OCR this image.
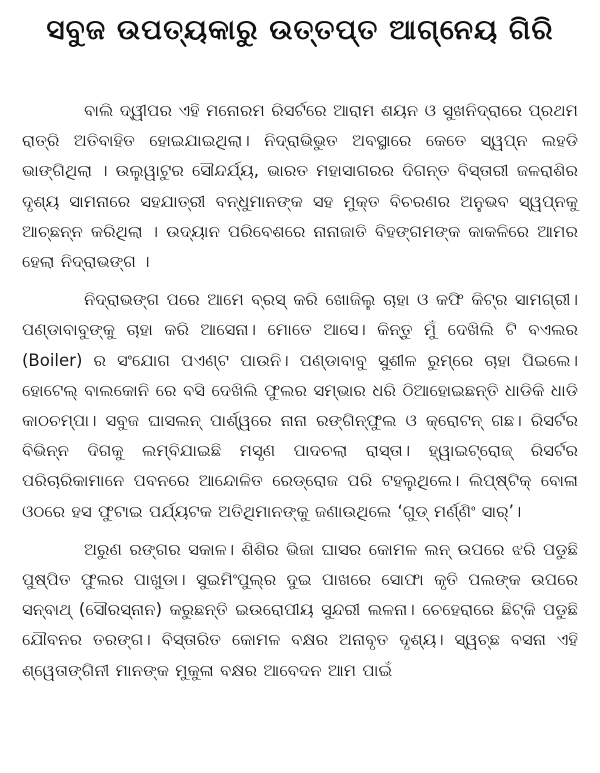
ସବୁଜ ଉପତ୍ୟକାରୁ ଉତ୍ତପ୍ତ ଆଗ୍ନେୟ ଗିରି

ବାଲି ଦ୍ୱୀପର ଏହି ମନୋରମ ରିସର୍ଟରେ ଆରାମ ଶୟନ ଓ ସୁଖନିଦ୍ରାରେ ପ୍ରଥମ ରାତ୍ରି ଅତିବାହିତ ହୋଇଯାଇଥିଲା। ନିଦ୍ରାଭିଭୁତ ଅବସ୍ଥାରେ କେତେ ସ୍ୱପ୍ନ ଲହଡି ଭାଙ୍ଗିଥିଲା । ଉଲୁୱାଟୁର ସୌନ୍ଦର୍ଯ୍ୟ, ଭାରତ ମହାସାଗରର ଦିଗନ୍ତ ବିସ୍ତାରୀ ଜଳରାଶିର ଦୃଶ୍ୟ ସାମନାରେ ସହଯାତ୍ରୀ ବନ୍ଧୁମାନଙ୍କ ସହ ମୁକ୍ତ ବିଚରଣର ଅନୁଭବ ସ୍ୱପ୍ନକୁ ଆଚ୍ଛନ୍ନ କରିଥିଲା । ଉଦ୍ୟାନ ପରିବେଶରେ ନାନାଜାତି ବିହଙ୍ଗମଙ୍କ କାକଳିରେ ଆମର ହେଲା ନିଦ୍ରାଭଙ୍ଗ ।

ନିଦ୍ରାଭଙ୍ଗ ପରେ ଆମେ ବ୍ରସ୍ କରି ଖୋଜିଲୁ ଚାହା ଓ କଫି କିଟ୍‌ର ସାମଗ୍ରୀ। ପଣ୍ଡାବାବୁଙ୍କୁ ଚାହା କରି ଆସେନା। ମୋତେ ଆସେ। କିନ୍ତୁ ମୁଁ ଦେଖିଲି ଟି ବଏଲର (Boiler) ର ସଂଯୋଗ ପଏଣ୍ଟ ପାଉନି। ପଣ୍ଡାବାବୁ ସୁଶୀଳ ରୁମ୍‌ରେ ଚାହା ପିଇଲେ। ହୋଟେଲ୍ ବାଲକୋନି ରେ ବସି ଦେଖିଲି ଫୁଲର ସମ୍ଭାର ଧରି ଠିଆହୋଇଛନ୍ତି ଧାଡିକି ଧାଡି କାଠଚମ୍ପା। ସବୁଜ ଘାସଲନ୍ ପାର୍ଶ୍ୱରେ ନାନା ରଙ୍ଗିନ୍‌ଫୁଲ ଓ କ୍ରୋଟନ୍ ଗଛ। ରିସର୍ଟର ବିଭିନ୍ନ ଦିଗକୁ ଲମ୍ବିଯାଇଛି ମସୃଣ ପାଦଚଲା ରାସ୍ତା। ହ୍ୱାଇଟ୍‌ରୋଜ୍ ରିସର୍ଟର ପରିଚାରିକାମାନେ ପବନରେ ଆନ୍ଦୋଳିତ ରେଡ୍‌ରୋଜ ପରି ଟହଲୁଥିଲେ। ଲିପ୍‌ଷ୍ଟିକ୍ ବୋଳା ଓଠରେ ହସ ଫୁଟାଇ ପର୍ଯ୍ୟଟକ ଅତିଥିମାନଙ୍କୁ ଜଣାଉଥିଲେ ‘ଗୁଡ୍ ମର୍ଣ୍ଣିଂ ସାର୍’।

ଅରୁଣ ରଙ୍ଗର ସକାଳ। ଶିଶିର ଭିଜା ଘାସର କୋମଳ ଲନ୍ ଉପରେ ଝରି ପଡୁଛି ପୁଷ୍ପିତ ଫୁଲର ପାଖୁଡା। ସୁଇମିଂପୁଲ୍‌ର ଦୁଇ ପାଖରେ ସୋଫା କୃତି ପଲଙ୍କ ଉପରେ ସନ୍‌ବାଥ୍ (ସୌରସ୍ନାନ) କରୁଛନ୍ତି ଇଉରୋପୀୟ ସୁନ୍ଦରୀ ଲଳନା। ଚେହେରାରେ ଛିଟ୍‌କି ପଡୁଛି ଯୌବନର ତରଙ୍ଗ। ବିସ୍ତାରିତ କୋମଳ ବକ୍ଷର ଅନାବୃତ ଦୃଶ୍ୟ। ସ୍ୱଚ୍ଛ ବସନା ଏହି ଶ୍ୱେତାଙ୍ଗିନୀ ମାନଙ୍କ ମୁକୁଳା ବକ୍ଷର ଆବେଦନ ଆମ ପାଇଁ
